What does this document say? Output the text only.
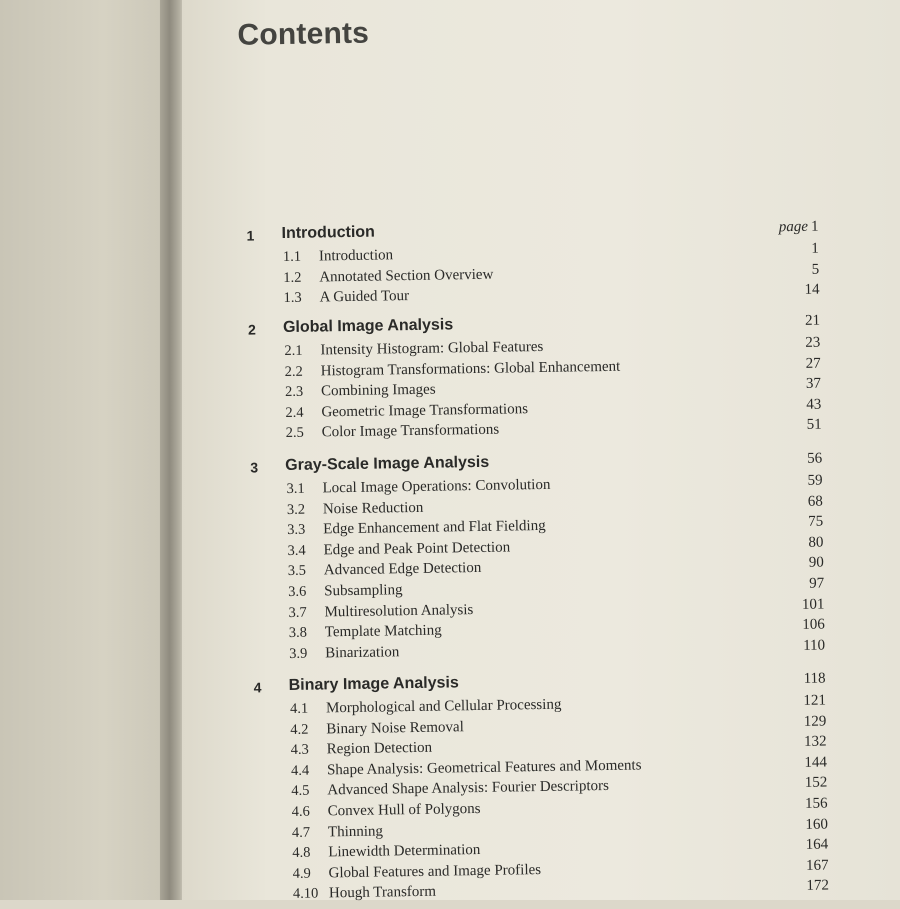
Contents
1 Introduction	page 1
1.1 Introduction	1
1.2 Annotated Section Overview	5
1.3 A Guided Tour	14
2 Global Image Analysis	21
2.1 Intensity Histogram: Global Features	23
2.2 Histogram Transformations: Global Enhancement	27
2.3 Combining Images	37
2.4 Geometric Image Transformations	43
2.5 Color Image Transformations	51
3 Gray-Scale Image Analysis	56
3.1 Local Image Operations: Convolution	59
3.2 Noise Reduction	68
3.3 Edge Enhancement and Flat Fielding	75
3.4 Edge and Peak Point Detection	80
3.5 Advanced Edge Detection	90
3.6 Subsampling	97
3.7 Multiresolution Analysis	101
3.8 Template Matching	106
3.9 Binarization	110
4 Binary Image Analysis	118
4.1 Morphological and Cellular Processing	121
4.2 Binary Noise Removal	129
4.3 Region Detection	132
4.4 Shape Analysis: Geometrical Features and Moments	144
4.5 Advanced Shape Analysis: Fourier Descriptors	152
4.6 Convex Hull of Polygons	156
4.7 Thinning	160
4.8 Linewidth Determination	164
4.9 Global Features and Image Profiles	167
4.10 Hough Transform	172
